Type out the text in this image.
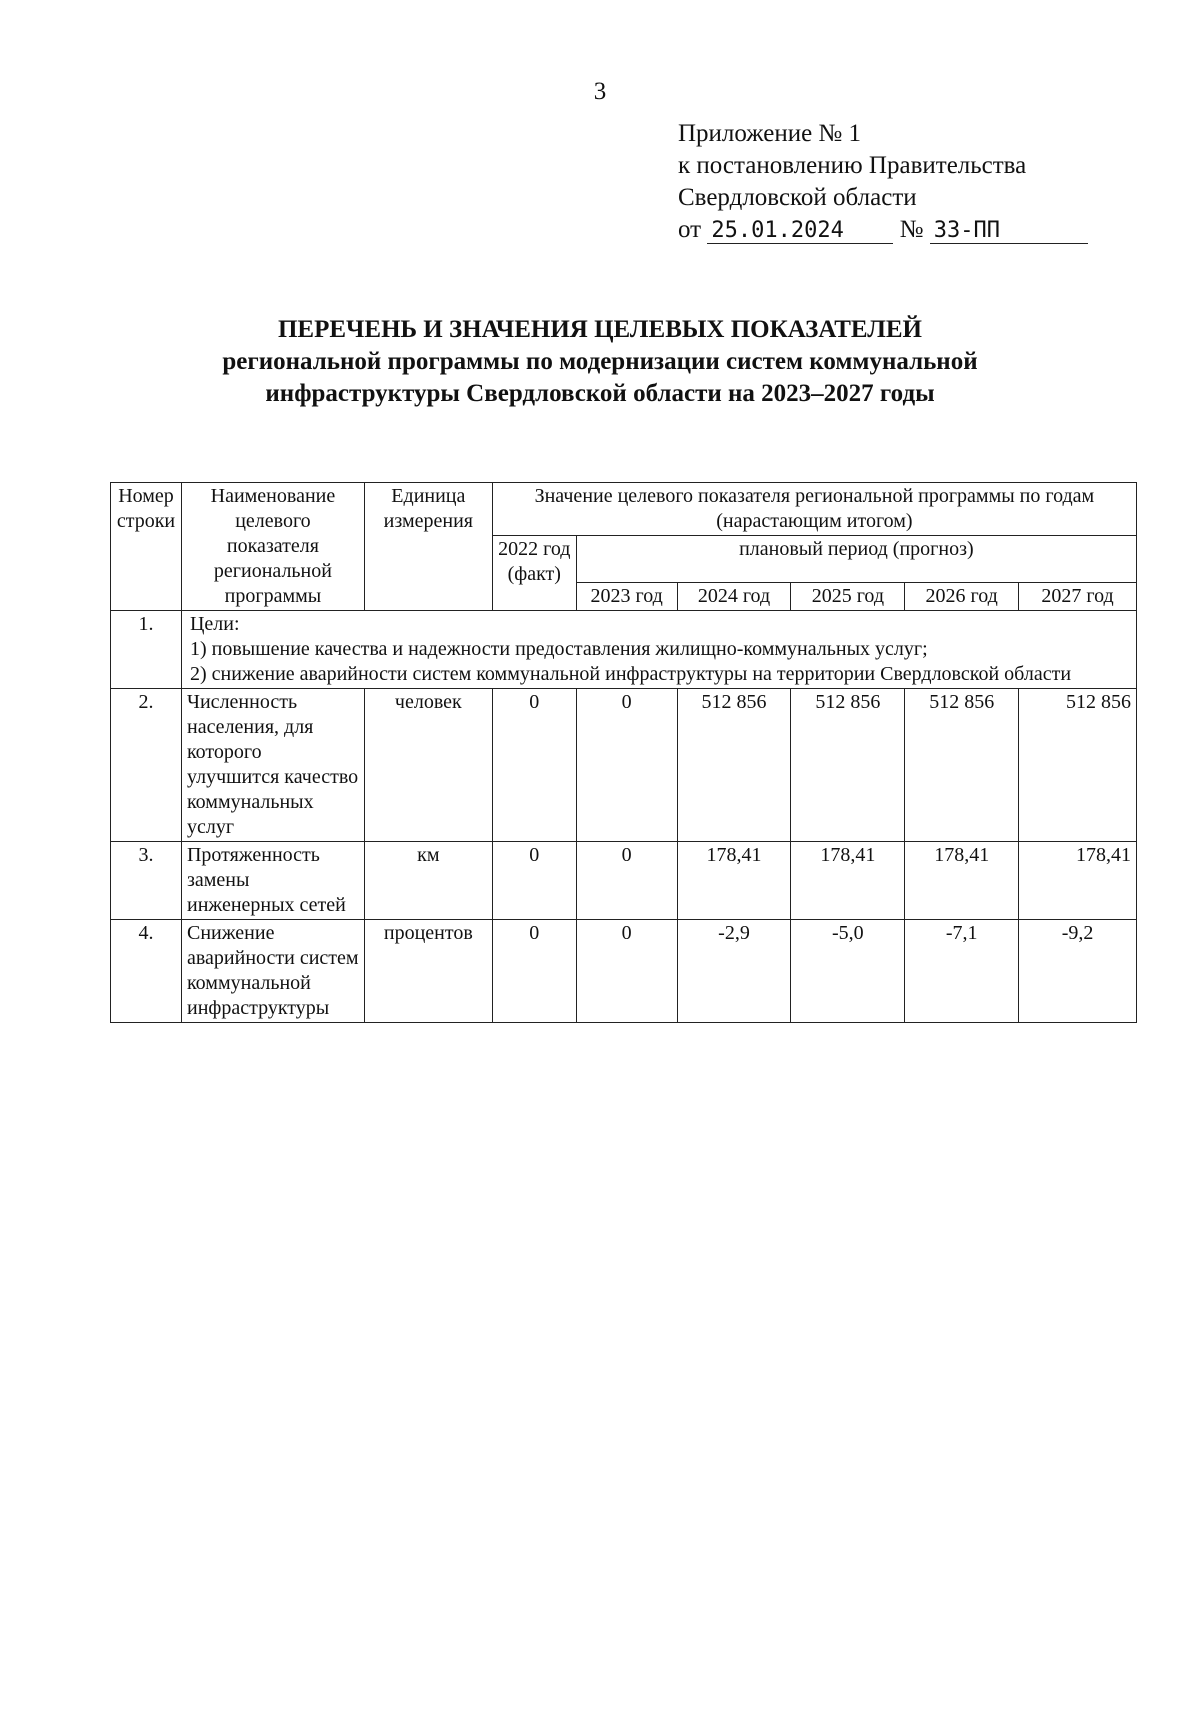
3
Приложение № 1
к постановлению Правительства
Свердловской области
от 25.01.2024 № 33-ПП
ПЕРЕЧЕНЬ И ЗНАЧЕНИЯ ЦЕЛЕВЫХ ПОКАЗАТЕЛЕЙ
региональной программы по модернизации систем коммунальной
инфраструктуры Свердловской области на 2023–2027 годы
Номер строки	Наименование целевого показателя региональной программы	Единица измерения	Значение целевого показателя региональной программы по годам (нарастающим итогом)					
			2022 год (факт)	плановый период (прогноз)				
				2023 год	2024 год	2025 год	2026 год	2027 год
1.	Цели:
1) повышение качества и надежности предоставления жилищно-коммунальных услуг;
2) снижение аварийности систем коммунальной инфраструктуры на территории Свердловской области							

2.	Численность населения, для которого улучшится качество коммунальных услуг	человек	0	0	512 856	512 856	512 856	512 856
3.	Протяженность замены инженерных сетей	км	0	0	178,41	178,41	178,41	178,41
4.	Снижение аварийности систем коммунальной инфраструктуры	процентов	0	0	-2,9	-5,0	-7,1	-9,2
